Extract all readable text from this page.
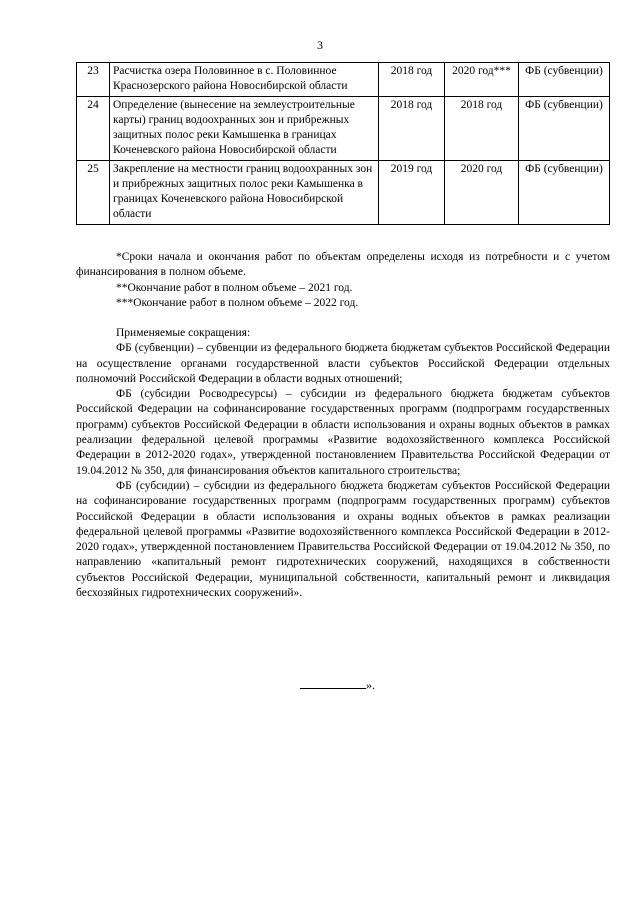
3
23	Расчистка озера Половинное в с. Половинное Краснозерского района Новосибирской области	2018 год	2020 год***	ФБ (субвенции)
24	Определение (вынесение на землеустроительные карты) границ водоохранных зон и прибрежных защитных полос реки Камышенка в границах Коченевского района Новосибирской области	2018 год	2018 год	ФБ (субвенции)
25	Закрепление на местности границ водоохранных зон и прибрежных защитных полос реки Камышенка в границах Коченевского района Новосибирской области	2019 год	2020 год	ФБ (субвенции)

*Сроки начала и окончания работ по объектам определены исходя из потребности и с учетом финансирования в полном объеме.

**Окончание работ в полном объеме – 2021 год.

***Окончание работ в полном объеме – 2022 год.

Применяемые сокращения:

ФБ (субвенции) – субвенции из федерального бюджета бюджетам субъектов Российской Федерации на осуществление органами государственной власти субъектов Российской Федерации отдельных полномочий Российской Федерации в области водных отношений;

ФБ (субсидии Росводресурсы) – субсидии из федерального бюджета бюджетам субъектов Российской Федерации на софинансирование государственных программ (подпрограмм государственных программ) субъектов Российской Федерации в области использования и охраны водных объектов в рамках реализации федеральной целевой программы «Развитие водохозяйственного комплекса Российской Федерации в 2012-2020 годах», утвержденной постановлением Правительства Российской Федерации от 19.04.2012 № 350, для финансирования объектов капитального строительства;

ФБ (субсидии) – субсидии из федерального бюджета бюджетам субъектов Российской Федерации на софинансирование государственных программ (подпрограмм государственных программ) субъектов Российской Федерации в области использования и охраны водных объектов в рамках реализации федеральной целевой программы «Развитие водохозяйственного комплекса Российской Федерации в 2012-2020 годах», утвержденной постановлением Правительства Российской Федерации от 19.04.2012 № 350, по направлению «капитальный ремонт гидротехнических сооружений, находящихся в собственности субъектов Российской Федерации, муниципальной собственности, капитальный ремонт и ликвидация бесхозяйных гидротехнических сооружений».

».
